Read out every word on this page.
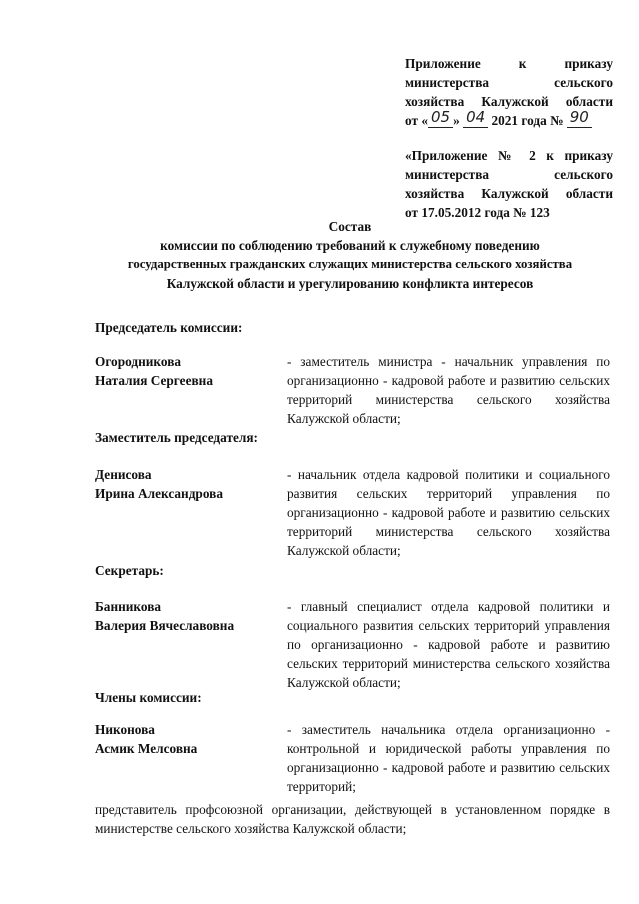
Приложение к приказу

министерства сельского

хозяйства Калужской области

от « 05 » 04 2021 года № 90

«Приложение № 2 к приказу

министерства сельского

хозяйства Калужской области

от 17.05.2012 года № 123

Состав
комиссии по соблюдению требований к служебному поведению
государственных гражданских служащих министерства сельского хозяйства
Калужской области и урегулированию конфликта интересов
Председатель комиссии:
Огородникова
Наталия Сергеевна

- заместитель министра - начальник управления по организационно - кадровой работе и развитию сельских территорий министерства сельского хозяйства Калужской области;

Заместитель председателя:
Денисова
Ирина Александрова

- начальник отдела кадровой политики и социального развития сельских территорий управления по организационно - кадровой работе и развитию сельских территорий министерства сельского хозяйства Калужской области;

Секретарь:
Банникова
Валерия Вячеславовна

- главный специалист отдела кадровой политики и социального развития сельских территорий управления по организационно - кадровой работе и развитию сельских территорий министерства сельского хозяйства Калужской области;

Члены комиссии:
Никонова
Асмик Мелсовна

- заместитель начальника отдела организационно - контрольной и юридической работы управления по организационно - кадровой работе и развитию сельских территорий;

представитель профсоюзной организации, действующей в установленном порядке в министерстве сельского хозяйства Калужской области;
